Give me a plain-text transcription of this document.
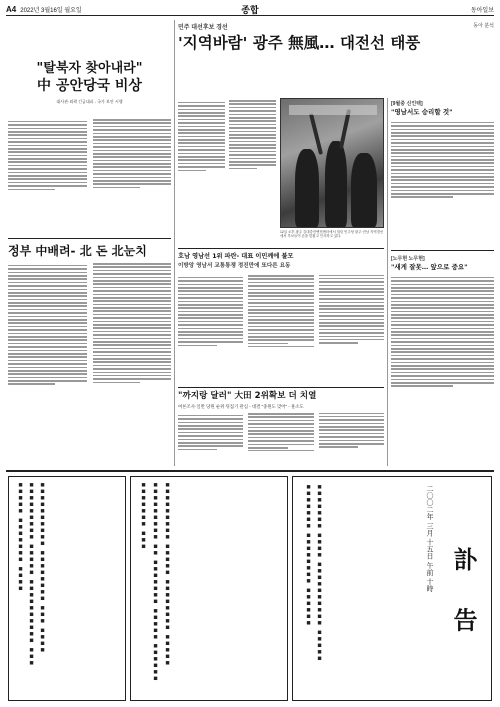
A4 2022년 3월16일 월요일	종합	동아일보
"탈북자 찾아내라"
中 공안당국 비상
대사관·외곽 긴급대피 - 국가 보안 시행
정부 中배려- 北 돈 北눈치
민주 대선후보 경선	동아 분석
'지역바람' 광주 無風… 대전선 태풍
12일 오후 광주 김대중컨벤션센터에서 열린 민주당 광주·전남 지역경선에서 후보들이 손을 맞잡고 인사하고 있다.
[9월중 신인텍]
"영남서도 승리할 것"
[노무현 노무현]
"새게 잘못… 앞으로 중요"
호남 영남선 1위 파란- 대표 이민께에 불모
이방앙 영남서 교통통쟁 정진만에 또다른 요동
"까지랑 달러" 大田 2위확보 더 치열
여론조사·일반 당원 순위 뒤집기 관심 - 대결 "충원도 맞어" - 훈소도
■■■■■■■■■■ ■■■■■■■■ ■■■ ■■■■ ■■■■■■■■■ ■■■■■ ■■■■■■■■■■ ■■■ ■■■■■ ■■■■■■■ ■■■■	■■■■■■■■■ ■■■■■ ■■■■■■■■ ■■■■■ ■■■■■■■■■ ■■ ■■■■■■■ ■■■■■ ■■■■■■ ■■■■■■■ ■■■
訃 告
二〇〇二年 三月 十五日 午前 十時
■■■■■■■ ■■■■ ■■■■■■■■■■ ■■■■■ ■■■■■■■ ■■■■■■■■ ■■■■■■
